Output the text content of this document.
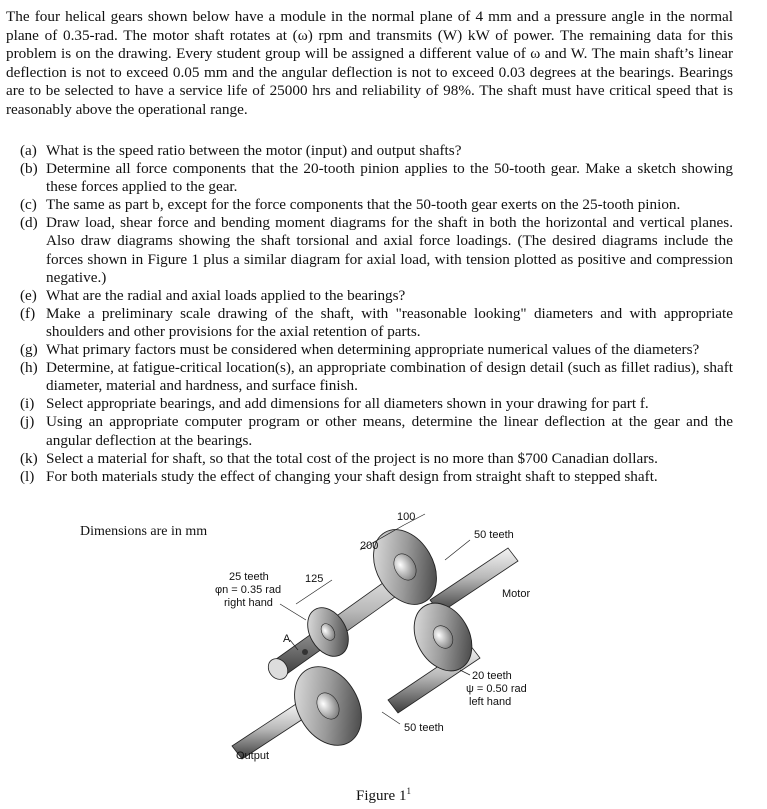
The four helical gears shown below have a module in the normal plane of 4 mm and a pressure angle in the normal plane of 0.35-rad. The motor shaft rotates at (ω) rpm and transmits (W) kW of power. The remaining data for this problem is on the drawing. Every student group will be assigned a different value of ω and W. The main shaft’s linear deflection is not to exceed 0.05 mm and the angular deflection is not to exceed 0.03 degrees at the bearings. Bearings are to be selected to have a service life of 25000 hrs and reliability of 98%. The shaft must have critical speed that is reasonably above the operational range.

(a) What is the speed ratio between the motor (input) and output shafts?
(b) Determine all force components that the 20-tooth pinion applies to the 50-tooth gear. Make a sketch showing these forces applied to the gear.
(c) The same as part b, except for the force components that the 50-tooth gear exerts on the 25-tooth pinion.
(d) Draw load, shear force and bending moment diagrams for the shaft in both the horizontal and vertical planes. Also draw diagrams showing the shaft torsional and axial force loadings. (The desired diagrams include the forces shown in Figure 1 plus a similar diagram for axial load, with tension plotted as positive and compression negative.)
(e) What are the radial and axial loads applied to the bearings?
(f) Make a preliminary scale drawing of the shaft, with "reasonable looking" diameters and with appropriate shoulders and other provisions for the axial retention of parts.
(g) What primary factors must be considered when determining appropriate numerical values of the diameters?
(h) Determine, at fatigue-critical location(s), an appropriate combination of design detail (such as fillet radius), shaft diameter, material and hardness, and surface finish.
(i) Select appropriate bearings, and add dimensions for all diameters shown in your drawing for part f.
(j) Using an appropriate computer program or other means, determine the linear deflection at the gear and the angular deflection at the bearings.
(k) Select a material for shaft, so that the total cost of the project is no more than $700 Canadian dollars.
(l) For both materials study the effect of changing your shaft design from straight shaft to stepped shaft.
Dimensions are in mm
100
200
125
50 teeth
Motor
25 teeth
φn = 0.35 rad
right hand
A
20 teeth
ψ = 0.50 rad
left hand
50 teeth
Output
Figure $1^1$
